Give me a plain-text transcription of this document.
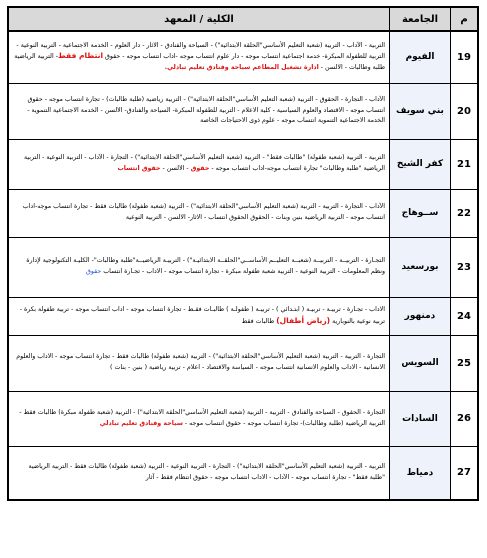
م	الجامعة	الكلية / المعهد
19	الفيوم	التربية - الآداب - التربية (شعبة التعليم الأساسي"الحلقة الابتدائية") - السياحة والفنادق - الاثار - دار العلوم - الخدمة الاجتماعية - التربية النوعية - التربية للطفولة المبكرة- خدمة اجتماعية انتساب موجه - دار علوم انتساب موجه -اداب انتساب موجه - حقوق انتظام فقط- التربية الرياضية طلبة وطالبات - الالسن - ادارة تشغيل المطاعم سياحة وفنادق تعليم تبادلي.
20	بني سويف	الآداب - التجارة - الحقوق - التربية (شعبة التعليم الأساسي"الحلقة الابتدائية") - التربية رياضية (طلبة طالبات) - تجارة انتساب موجه - حقوق انتساب موجه - الاقتصاد والعلوم السياسية - كلية الاعلام - التربية للطفولة المبكرة- السياحة والفنادق- الالسن - الخدمة الاجتماعية التنموية - الخدمة الاجتماعية التنموية انتساب موجه - علوم ذوى الاحتياجات الخاصة
21	كفر الشيخ	التربية - التربية (شعبة طفولة) "طالبات فقط" - التربية (شعبة التعليم الأساسي"الحلقة الابتدائية") - التجارة - الآداب - التربية النوعية - التربية الرياضية "طلبة وطالبات" تجارة انتساب موجه-اداب انتساب موجه - حقوق - الالسن - حقوق انتساب
22	ســوهاج	الآداب - التجارة - التربية - التربية (شعبة التعليم الأساسي"الحلقة الابتدائية") - التربية (شعبة طفولة) طالبات فقط - تجارة انتساب موجه-اداب انتساب موجه - التربية الرياضية بنين وبنات - الحقوق الحقوق انتساب - الاثار- الالسن - التربية النوعية
23	بورسعيد	التجـارة - التربيــة - التربيــة (شعبــة التعليــم الأساســي"الحلقــة الابتدائيـة") - التربيـة الرياضيــة"طلبة وطالبات"- الكليـة التكنولوجية لإدارة ونظم المعلومات - التربية النوعية - التربية شعبة طفولة مبكرة - تجارة انتساب موجه - الاداب - تجـارة انتساب حقوق
24	دمنهور	الاداب - تجـارة - تربيـة - تربيـة ( ابتـدائي ) - تربيـة ( طفولـة ) طالبـات فقـط - تجارة انتساب موجه - اداب انتساب موجه - تربية طفولة بكرة - تربية نوعية بالنوبارية (رياض أطفال) طالبات فقط
25	السويس	التجارة - التربية - التربية (شعبة التعليم الأساسي"الحلقة الابتدائية") - التربية (شعبة طفولة) طالبات فقط - تجارة انتساب موجه - الاداب والعلوم الانسانية - الاداب والعلوم الانسانية انتساب موجه - السياسة والاقتصاد - اعلام - تربية رياضية ( بنين - بنات )
26	السادات	التجارة - الحقوق - السياحة والفنادق - التربية - التربية (شعبة التعليم الأساسي"الحلقة الابتدائية") - التربية (شعبة طفولة مبكرة) طالبات فقط - التربية الرياضية (طلبة وطالبات)- تجارة انتساب موجه - حقوق انتساب موجه - سياحة وفنادق تعليم تبادلي
27	دمياط	التربية - التربية (شعبة التعليم الأساسي"الحلقة الابتدائية") - التجارة - التربية النوعية - التربية (شعبة طفولة) طالبات فقط - التربية الرياضية "طلبة فقط" - تجارة انتساب موجه - الآداب - الاداب انتساب موجه - حقوق انتظام فقط - آثار
